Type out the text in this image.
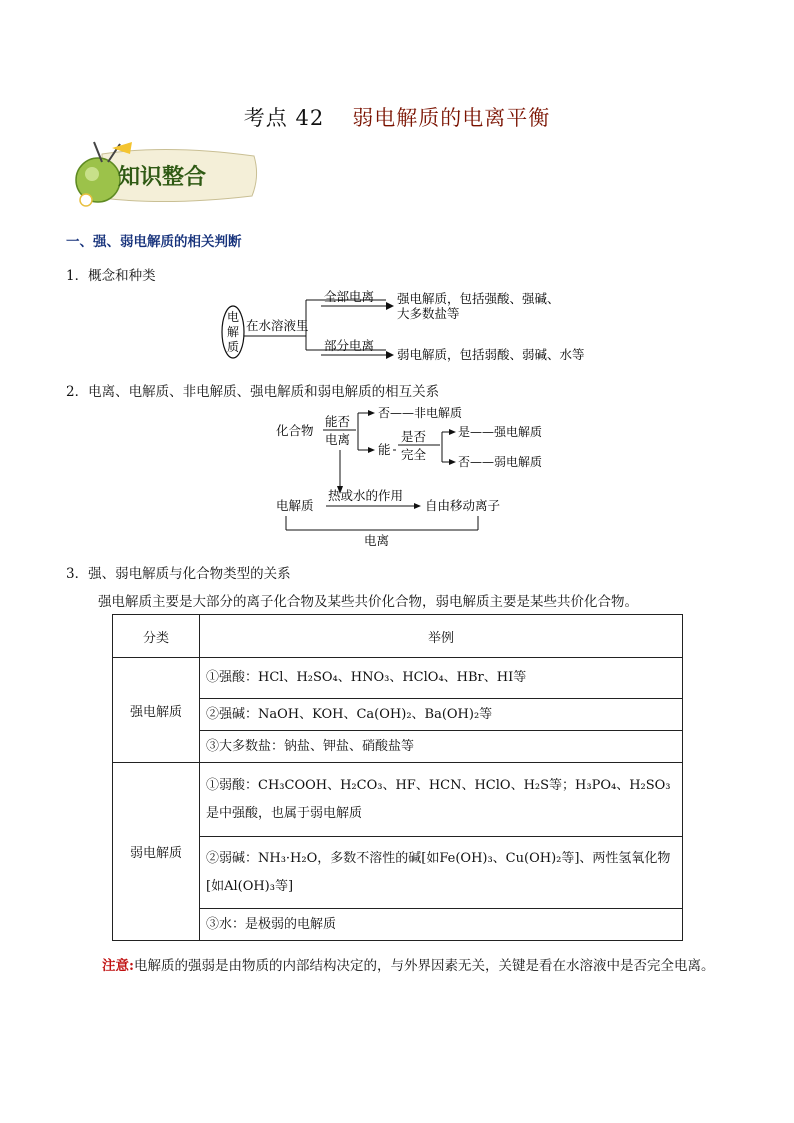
考点 42 弱电解质的电离平衡
知识整合
一、强、弱电解质的相关判断
1．概念和种类
电
解
质
在水溶液里
全部电离
部分电离
强电解质，包括强酸、强碱、
大多数盐等
弱电解质，包括弱酸、弱碱、水等
2．电离、电解质、非电解质、强电解质和弱电解质的相互关系
化合物
能否
电离
否——非电解质
能
是否
完全
是——强电解质
否——弱电解质
电解质
热或水的作用
自由移动离子
电离
3．强、弱电解质与化合物类型的关系
强电解质主要是大部分的离子化合物及某些共价化合物，弱电解质主要是某些共价化合物。
分类	举例
强电解质	①强酸：HCl、H₂SO₄、HNO₃、HClO₄、HBr、HI等
	②强碱：NaOH、KOH、Ca(OH)₂、Ba(OH)₂等
	③大多数盐：钠盐、钾盐、硝酸盐等
弱电解质	①弱酸：CH₃COOH、H₂CO₃、HF、HCN、HClO、H₂S等；H₃PO₄、H₂SO₃是中强酸，也属于弱电解质
	②弱碱：NH₃·H₂O，多数不溶性的碱[如Fe(OH)₃、Cu(OH)₂等]、两性氢氧化物[如Al(OH)₃等]
	③水：是极弱的电解质
注意:电解质的强弱是由物质的内部结构决定的，与外界因素无关，关键是看在水溶液中是否完全电离。
